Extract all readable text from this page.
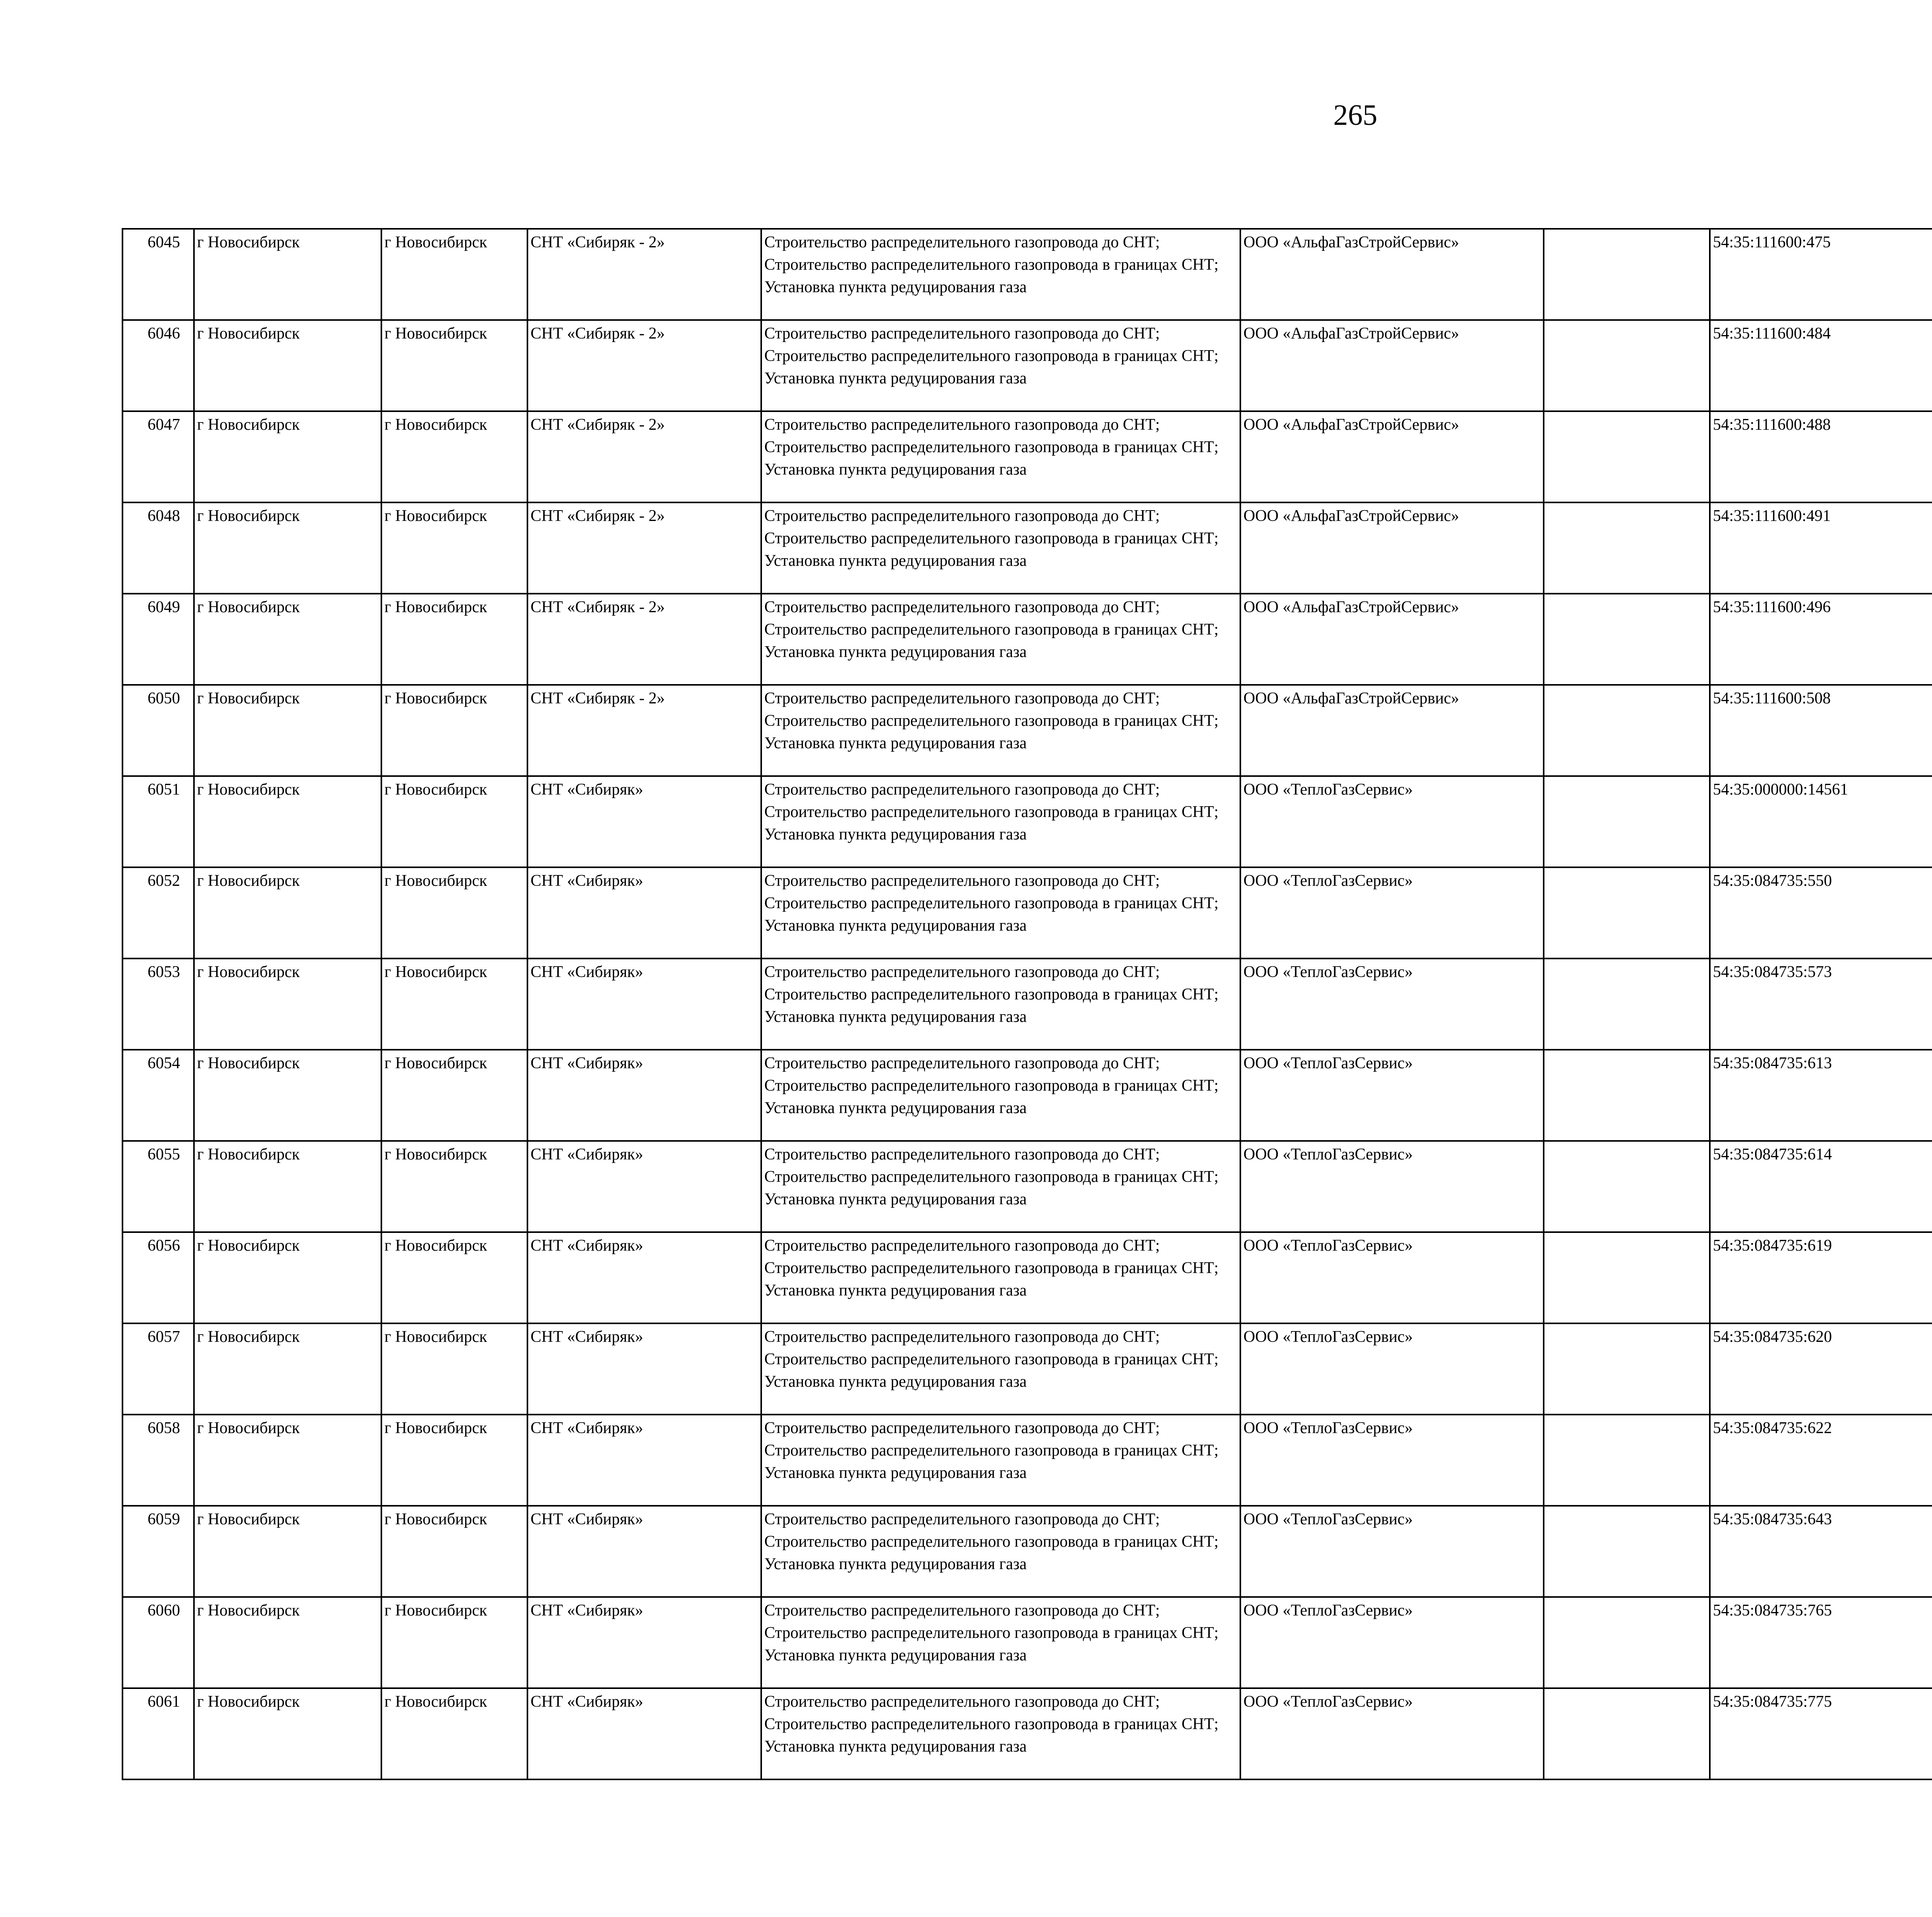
265
6045	г Новосибирск	г Новосибирск	СНТ «Сибиряк - 2»	Строительство распределительного газопровода до СНТ; Строительство распределительного газопровода в границах СНТ; Установка пункта редуцирования газа	ООО «АльфаГазСтройСервис»		54:35:111600:475					
6046	г Новосибирск	г Новосибирск	СНТ «Сибиряк - 2»	Строительство распределительного газопровода до СНТ; Строительство распределительного газопровода в границах СНТ; Установка пункта редуцирования газа	ООО «АльфаГазСтройСервис»		54:35:111600:484					
6047	г Новосибирск	г Новосибирск	СНТ «Сибиряк - 2»	Строительство распределительного газопровода до СНТ; Строительство распределительного газопровода в границах СНТ; Установка пункта редуцирования газа	ООО «АльфаГазСтройСервис»		54:35:111600:488					
6048	г Новосибирск	г Новосибирск	СНТ «Сибиряк - 2»	Строительство распределительного газопровода до СНТ; Строительство распределительного газопровода в границах СНТ; Установка пункта редуцирования газа	ООО «АльфаГазСтройСервис»		54:35:111600:491					
6049	г Новосибирск	г Новосибирск	СНТ «Сибиряк - 2»	Строительство распределительного газопровода до СНТ; Строительство распределительного газопровода в границах СНТ; Установка пункта редуцирования газа	ООО «АльфаГазСтройСервис»		54:35:111600:496					
6050	г Новосибирск	г Новосибирск	СНТ «Сибиряк - 2»	Строительство распределительного газопровода до СНТ; Строительство распределительного газопровода в границах СНТ; Установка пункта редуцирования газа	ООО «АльфаГазСтройСервис»		54:35:111600:508					
6051	г Новосибирск	г Новосибирск	СНТ «Сибиряк»	Строительство распределительного газопровода до СНТ; Строительство распределительного газопровода в границах СНТ; Установка пункта редуцирования газа	ООО «ТеплоГазСервис»		54:35:000000:14561					
6052	г Новосибирск	г Новосибирск	СНТ «Сибиряк»	Строительство распределительного газопровода до СНТ; Строительство распределительного газопровода в границах СНТ; Установка пункта редуцирования газа	ООО «ТеплоГазСервис»		54:35:084735:550					
6053	г Новосибирск	г Новосибирск	СНТ «Сибиряк»	Строительство распределительного газопровода до СНТ; Строительство распределительного газопровода в границах СНТ; Установка пункта редуцирования газа	ООО «ТеплоГазСервис»		54:35:084735:573					
6054	г Новосибирск	г Новосибирск	СНТ «Сибиряк»	Строительство распределительного газопровода до СНТ; Строительство распределительного газопровода в границах СНТ; Установка пункта редуцирования газа	ООО «ТеплоГазСервис»		54:35:084735:613					
6055	г Новосибирск	г Новосибирск	СНТ «Сибиряк»	Строительство распределительного газопровода до СНТ; Строительство распределительного газопровода в границах СНТ; Установка пункта редуцирования газа	ООО «ТеплоГазСервис»		54:35:084735:614					
6056	г Новосибирск	г Новосибирск	СНТ «Сибиряк»	Строительство распределительного газопровода до СНТ; Строительство распределительного газопровода в границах СНТ; Установка пункта редуцирования газа	ООО «ТеплоГазСервис»		54:35:084735:619					
6057	г Новосибирск	г Новосибирск	СНТ «Сибиряк»	Строительство распределительного газопровода до СНТ; Строительство распределительного газопровода в границах СНТ; Установка пункта редуцирования газа	ООО «ТеплоГазСервис»		54:35:084735:620					
6058	г Новосибирск	г Новосибирск	СНТ «Сибиряк»	Строительство распределительного газопровода до СНТ; Строительство распределительного газопровода в границах СНТ; Установка пункта редуцирования газа	ООО «ТеплоГазСервис»		54:35:084735:622					
6059	г Новосибирск	г Новосибирск	СНТ «Сибиряк»	Строительство распределительного газопровода до СНТ; Строительство распределительного газопровода в границах СНТ; Установка пункта редуцирования газа	ООО «ТеплоГазСервис»		54:35:084735:643					
6060	г Новосибирск	г Новосибирск	СНТ «Сибиряк»	Строительство распределительного газопровода до СНТ; Строительство распределительного газопровода в границах СНТ; Установка пункта редуцирования газа	ООО «ТеплоГазСервис»		54:35:084735:765					
6061	г Новосибирск	г Новосибирск	СНТ «Сибиряк»	Строительство распределительного газопровода до СНТ; Строительство распределительного газопровода в границах СНТ; Установка пункта редуцирования газа	ООО «ТеплоГазСервис»		54:35:084735:775					
